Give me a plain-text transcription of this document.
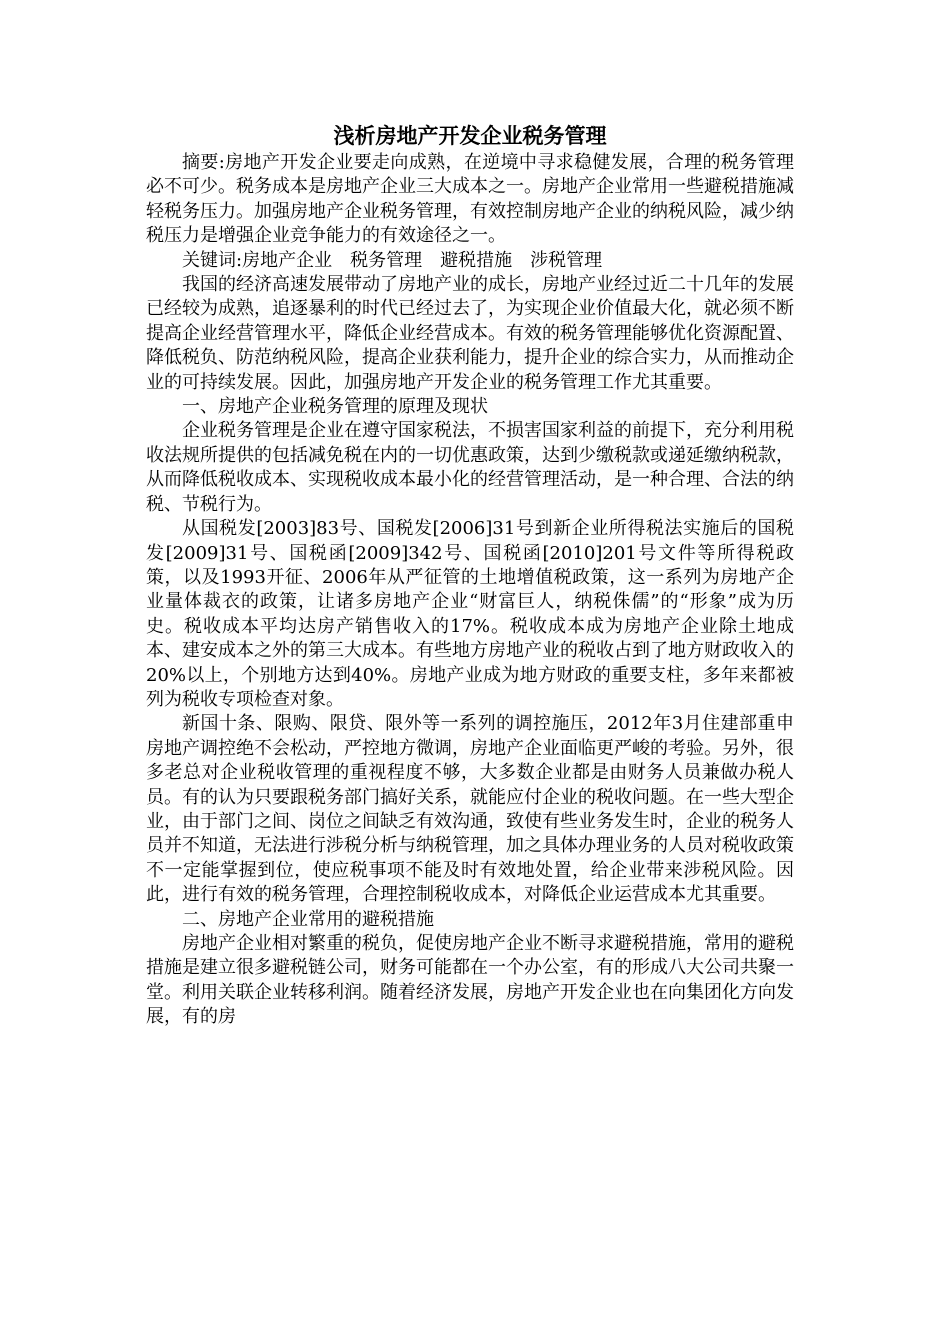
浅析房地产开发企业税务管理

摘要:房地产开发企业要走向成熟，在逆境中寻求稳健发展，合理的税务管理必不可少。税务成本是房地产企业三大成本之一。房地产企业常用一些避税措施减轻税务压力。加强房地产企业税务管理，有效控制房地产企业的纳税风险，减少纳税压力是增强企业竞争能力的有效途径之一。

关键词:房地产企业 税务管理 避税措施 涉税管理

我国的经济高速发展带动了房地产业的成长，房地产业经过近二十几年的发展已经较为成熟，追逐暴利的时代已经过去了，为实现企业价值最大化，就必须不断提高企业经营管理水平，降低企业经营成本。有效的税务管理能够优化资源配置、降低税负、防范纳税风险，提高企业获利能力，提升企业的综合实力，从而推动企业的可持续发展。因此，加强房地产开发企业的税务管理工作尤其重要。

一、房地产企业税务管理的原理及现状

企业税务管理是企业在遵守国家税法，不损害国家利益的前提下，充分利用税收法规所提供的包括减免税在内的一切优惠政策，达到少缴税款或递延缴纳税款，从而降低税收成本、实现税收成本最小化的经营管理活动，是一种合理、合法的纳税、节税行为。

从国税发[2003]83号、国税发[2006]31号到新企业所得税法实施后的国税发[2009]31号、国税函[2009]342号、国税函[2010]201号文件等所得税政策，以及1993开征、2006年从严征管的土地增值税政策，这一系列为房地产企业量体裁衣的政策，让诸多房地产企业“财富巨人，纳税侏儒”的“形象”成为历史。税收成本平均达房产销售收入的17%。税收成本成为房地产企业除土地成本、建安成本之外的第三大成本。有些地方房地产业的税收占到了地方财政收入的20%以上，个别地方达到40%。房地产业成为地方财政的重要支柱，多年来都被列为税收专项检查对象。

新国十条、限购、限贷、限外等一系列的调控施压，2012年3月住建部重申房地产调控绝不会松动，严控地方微调，房地产企业面临更严峻的考验。另外，很多老总对企业税收管理的重视程度不够，大多数企业都是由财务人员兼做办税人员。有的认为只要跟税务部门搞好关系，就能应付企业的税收问题。在一些大型企业，由于部门之间、岗位之间缺乏有效沟通，致使有些业务发生时，企业的税务人员并不知道，无法进行涉税分析与纳税管理，加之具体办理业务的人员对税收政策不一定能掌握到位，使应税事项不能及时有效地处置，给企业带来涉税风险。因此，进行有效的税务管理，合理控制税收成本，对降低企业运营成本尤其重要。

二、房地产企业常用的避税措施

房地产企业相对繁重的税负，促使房地产企业不断寻求避税措施，常用的避税措施是建立很多避税链公司，财务可能都在一个办公室，有的形成八大公司共聚一堂。利用关联企业转移利润。随着经济发展，房地产开发企业也在向集团化方向发展，有的房
